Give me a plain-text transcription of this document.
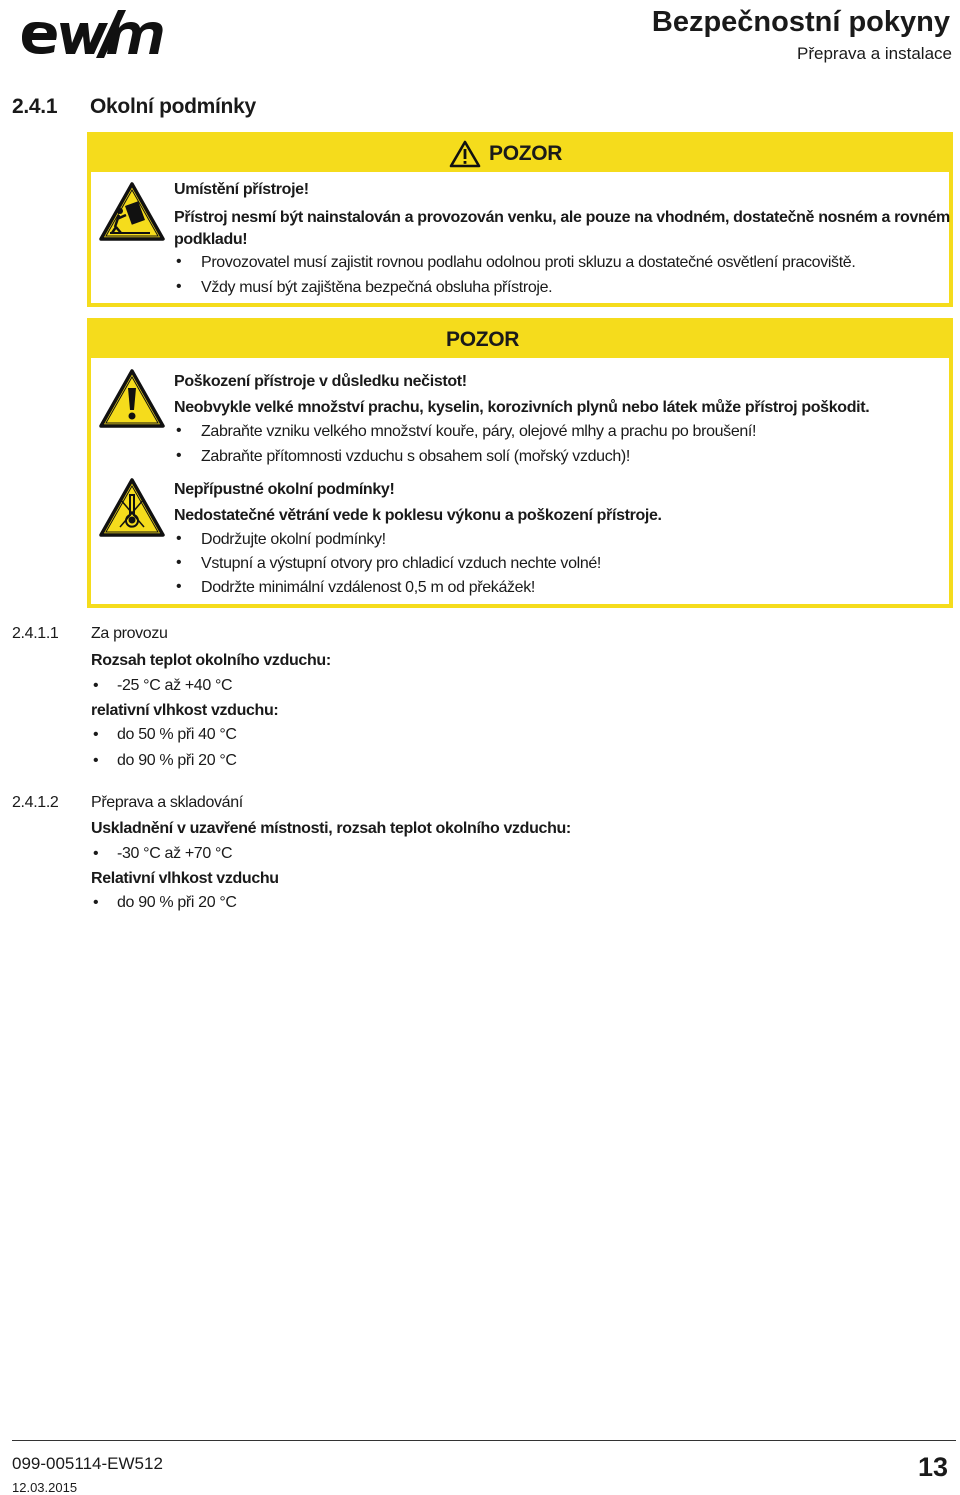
Bezpečnostní pokyny
Přeprava a instalace
2.4.1 Okolní podmínky
POZOR
Umístění přístroje!
Přístroj nesmí být nainstalován a provozován venku, ale pouze na vhodném, dostatečně nosném a rovném
podkladu!
• Provozovatel musí zajistit rovnou podlahu odolnou proti skluzu a dostatečné osvětlení pracoviště.
• Vždy musí být zajištěna bezpečná obsluha přístroje.
POZOR
Poškození přístroje v důsledku nečistot!
Neobvykle velké množství prachu, kyselin, korozivních plynů nebo látek může přístroj poškodit.
• Zabraňte vzniku velkého množství kouře, páry, olejové mlhy a prachu po broušení!
• Zabraňte přítomnosti vzduchu s obsahem solí (mořský vzduch)!
Nepřípustné okolní podmínky!
Nedostatečné větrání vede k poklesu výkonu a poškození přístroje.
• Dodržujte okolní podmínky!
• Vstupní a výstupní otvory pro chladicí vzduch nechte volné!
• Dodržte minimální vzdálenost 0,5 m od překážek!
2.4.1.1 Za provozu
Rozsah teplot okolního vzduchu:
• -25 °C až +40 °C
relativní vlhkost vzduchu:
• do 50 % při 40 °C
• do 90 % při 20 °C
2.4.1.2 Přeprava a skladování
Uskladnění v uzavřené místnosti, rozsah teplot okolního vzduchu:
• -30 °C až +70 °C
Relativní vlhkost vzduchu
• do 90 % při 20 °C
099-005114-EW512
12.03.2015
13
